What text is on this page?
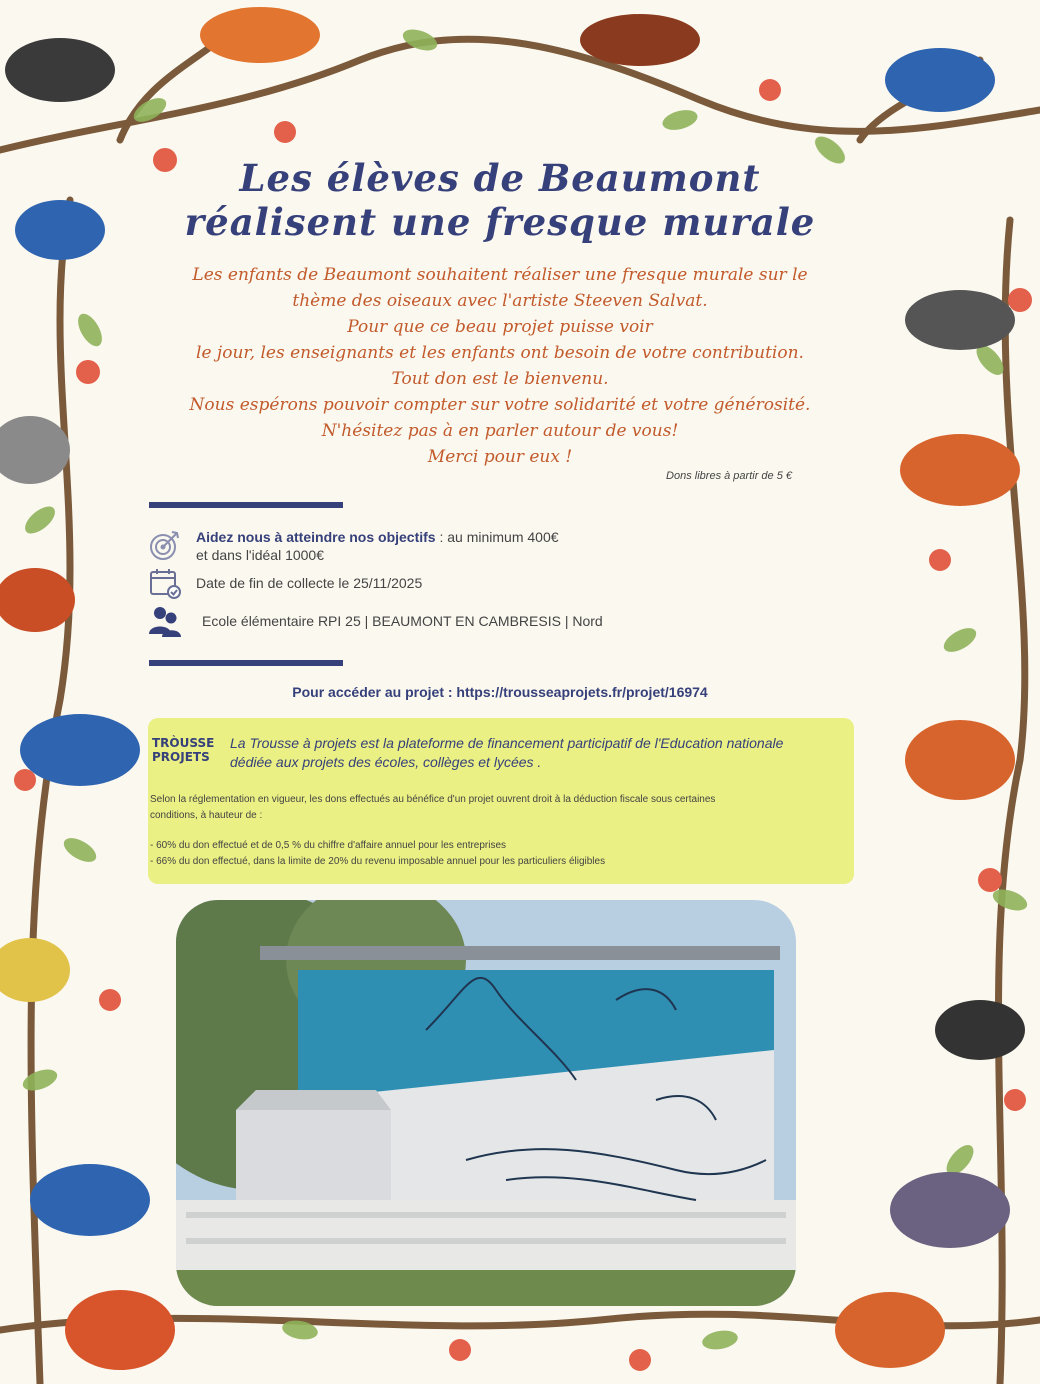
Les élèves de Beaumont
réalisent une fresque murale
Les enfants de Beaumont souhaitent réaliser une fresque murale sur le
thème des oiseaux avec l'artiste Steeven Salvat.
Pour que ce beau projet puisse voir
le jour, les enseignants et les enfants ont besoin de votre contribution.
Tout don est le bienvenu.
Nous espérons pouvoir compter sur votre solidarité et votre générosité.
N'hésitez pas à en parler autour de vous!
Merci pour eux !
Dons libres à partir de 5 €
Aidez nous à atteindre nos objectifs : au minimum 400€
et dans l'idéal 1000€
Date de fin de collecte le 25/11/2025
Ecole élémentaire RPI 25 | BEAUMONT EN CAMBRESIS | Nord
Pour accéder au projet : https://trousseaprojets.fr/projet/16974
TRÒUSSE
PROJETS
La Trousse à projets est la plateforme de financement participatif de l'Education nationale
dédiée aux projets des écoles, collèges et lycées .

Selon la réglementation en vigueur, les dons effectués au bénéfice d'un projet ouvrent droit à la déduction fiscale sous certaines

conditions, à hauteur de :

- 60% du don effectué et de 0,5 % du chiffre d'affaire annuel pour les entreprises

- 66% du don effectué, dans la limite de 20% du revenu imposable annuel pour les particuliers éligibles
